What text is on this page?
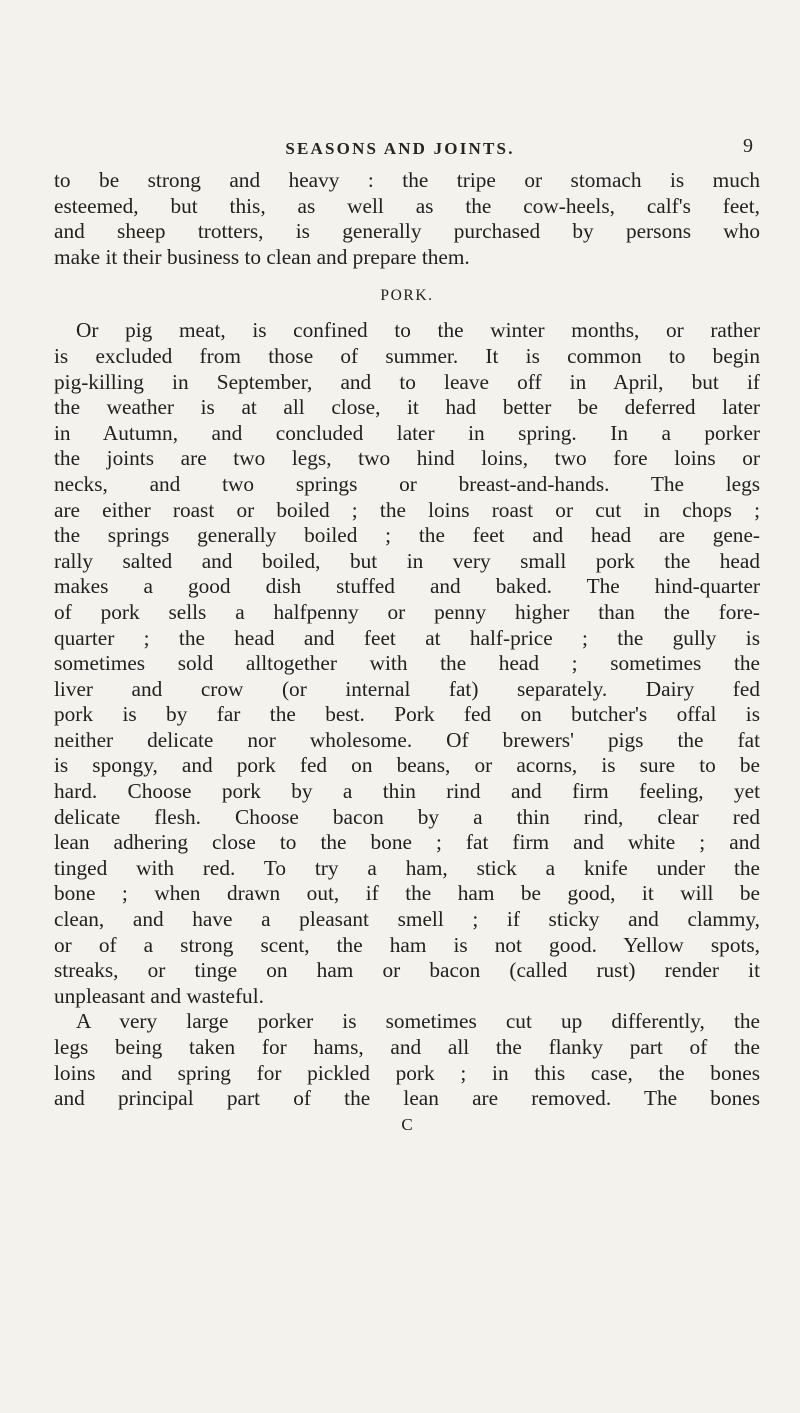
SEASONS AND JOINTS.	9
to be strong and heavy : the tripe or stomach is much
esteemed, but this, as well as the cow-heels, calf's feet,
and sheep trotters, is generally purchased by persons who
make it their business to clean and prepare them.
PORK.
Or pig meat, is confined to the winter months, or rather
is excluded from those of summer. It is common to begin
pig-killing in September, and to leave off in April, but if
the weather is at all close, it had better be deferred later
in Autumn, and concluded later in spring. In a porker
the joints are two legs, two hind loins, two fore loins or
necks, and two springs or breast-and-hands. The legs
are either roast or boiled ; the loins roast or cut in chops ;
the springs generally boiled ; the feet and head are gene-
rally salted and boiled, but in very small pork the head
makes a good dish stuffed and baked. The hind-quarter
of pork sells a halfpenny or penny higher than the fore-
quarter ; the head and feet at half-price ; the gully is
sometimes sold alltogether with the head ; sometimes the
liver and crow (or internal fat) separately. Dairy fed
pork is by far the best. Pork fed on butcher's offal is
neither delicate nor wholesome. Of brewers' pigs the fat
is spongy, and pork fed on beans, or acorns, is sure to be
hard. Choose pork by a thin rind and firm feeling, yet
delicate flesh. Choose bacon by a thin rind, clear red
lean adhering close to the bone ; fat firm and white ; and
tinged with red. To try a ham, stick a knife under the
bone ; when drawn out, if the ham be good, it will be
clean, and have a pleasant smell ; if sticky and clammy,
or of a strong scent, the ham is not good. Yellow spots,
streaks, or tinge on ham or bacon (called rust) render it
unpleasant and wasteful.
A very large porker is sometimes cut up differently, the
legs being taken for hams, and all the flanky part of the
loins and spring for pickled pork ; in this case, the bones
and principal part of the lean are removed. The bones
C
